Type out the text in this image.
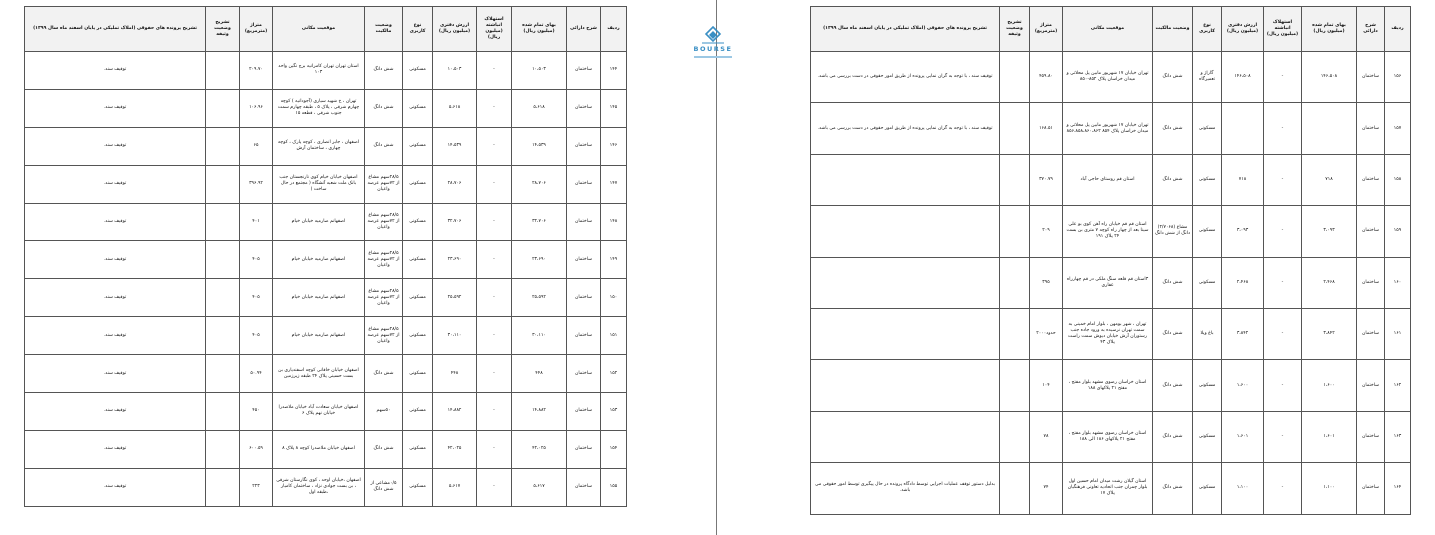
ردیف	شرح دارائی	بهای تمام شده (میلیون ریال)	استهلاک انباشته (میلیون ریال)	ارزش دفتری (میلیون ریال)	نوع کاربری	وضعیت مالکیت	موقعیت مکانی	متراژ (مترمربع)	تشریح وضعیت وثیقه	تشریح پرونده های حقوقی (املاک تملیکی در پایان اسفند ماه سال ۱۳۹۹)
۱۴۴	ساختمان	۱۰،۵۰۳	-	۱۰،۵۰۳	مسکونی	شش دانگ	استان تهران تهران کامرانیه برج نگین واحد ۱۰۳	۲۰۹.۷۰		توقیف سند.
۱۴۵	ساختمان	۵،۶۱۸	-	۵،۶۱۸	مسکونی	شش دانگ	تهران ، خ شهید سیاری (آجودانیه ) کوچه چهارم شرقی ، پلاک ۵ ، طبقه چهارم سمت جنوب شرقی ، قطعه ۱۵	۱۰۶.۹۶		توقیف سند.
۱۴۶	ساختمان	۱۴،۵۳۹	-	۱۴،۵۳۹	مسکونی	شش دانگ	اصفهان ، جابر انصاری ، کوچه پارک ، کوچه چهاری ، ساختمان آرش	۶۵		توقیف سند.
۱۴۷	ساختمان	۲۸،۷۰۶	-	۲۸،۷۰۶	مسکونی	۲۸/۵سهم مشاع از ۷۲سهم عرصه واعیان	اصفهان خیابان خیام کوی نارنجستان جنب بانک ملت شعبه آتشگاه ( مجتمع در حال ساخت )	۳۹۶.۹۲		توقیف سند.
۱۴۸	ساختمان	۳۲،۷۰۶	-	۳۲،۷۰۶	مسکونی	۲۸/۵سهم مشاع از ۷۲سهم عرصه واعیان	اصفهانم صارمیه خیابان خیام	۴۰۱		توقیف سند.
۱۴۹	ساختمان	۲۳،۶۹۰	-	۲۳،۶۹۰	مسکونی	۲۸/۵سهم مشاع از ۷۲سهم عرصه واعیان	اصفهانم صارمیه خیابان خیام	۴۰۵		توقیف سند.
۱۵۰	ساختمان	۲۵،۵۹۲	-	۲۵،۵۹۲	مسکونی	۲۸/۵سهم مشاع از ۷۲سهم عرصه واعیان	اصفهانم صارمیه خیابان خیام	۴۰۵		توقیف سند.
۱۵۱	ساختمان	۳۰،۱۱۰	-	۳۰،۱۱۰	مسکونی	۲۸/۵سهم مشاع از ۷۲سهم عرصه واعیان	اصفهانم صارمیه خیابان خیام	۴۰۵		توقیف سند.
۱۵۲	ساختمان	۴۴۸	-	۴۴۸	مسکونی	شش دانگ	اصفهان خیابان خاقانی کوچه اسفندیاری بن بست حسینی پلاک ۲۴ طبقه زیرزمین	۵۰.۹۴		توقیف سند.
۱۵۳	ساختمان	۱۴،۸۸۲	-	۱۴،۸۸۲	مسکونی	۵۰سهم	اصفهان خیابان سعادت آباد خیابان ملاصدرا خیابان نهم پلاک ۶	۴۵۰		توقیف سند.
۱۵۴	ساختمان	۴۲،۰۲۵	-	۴۲،۰۲۵	مسکونی	شش دانگ	اصفهان خیابان ملاصدرا کوچه ۸ پلاک ۸	۶۰۰.۵۹		توقیف سند.
۱۵۵	ساختمان	۵،۶۱۷	-	۵،۶۱۷	مسکونی	۰/۵مشاعی از شش دانگ	اصفهان ،خیابان اوحد ، کوی نگارستان شرقی ، بن بست جوادی نژاد ، ساختمان کامیار ،طبقه اول	۲۲۳		توقیف سند.
BOURSE
ردیف	شرح دارائی	بهای تمام شده (میلیون ریال)	استهلاک انباشته (میلیون ریال)	ارزش دفتری (میلیون ریال)	نوع کاربری	وضعیت مالکیت	موقعیت مکانی	متراژ (مترمربع)	تشریح وضعیت وثیقه	تشریح پرونده های حقوقی (املاک تملیکی در پایان اسفند ماه سال ۱۳۹۹)
۱۵۶	ساختمان	۱۴۶،۵۰۸	-	۱۴۶،۵۰۸	گاراژ و تعمیرگاه	شش دانگ	تهران خیابان ۱۷ شهریور مابین پل محلاتی و میدان خراسان پلاک ۸۵۲-۸۵۰	۴۵۹.۸۰		توقیف سند ، با توجه به گران نمایی پرونده از طریق امور حقوقی در دست بررسی می باشد.
۱۵۷	ساختمان		-		مسکونی	شش دانگ	تهران خیابان ۱۷ شهریور مابین پل محلاتی و میدان خراسان پلاک ۸۵۴ ۸۵۶،۸۵۸،۸۶۰،۸۶۲	۱۶۸.۵۱		توقیف سند ، با توجه به گران نمایی پرونده از طریق امور حقوقی در دست بررسی می باشد.
۱۵۸	ساختمان	۷۱۸	-	۷۱۸	مسکونی	شش دانگ	استان قم روستای حاجی آباد	۳۷۰.۷۹		
۱۵۹	ساختمان	۳،۰۹۳	-	۳،۰۹۳	مسکونی	مشاع (۲/۷۰۶۸) دانگ از شش دانگ	استان قم قم خیابان راه آهن کوی بو علی سینا بعد از چهار راه کوچه ۷ متری بن بست ۲۴ پلاک ۱۹۱	۲۰۹		
۱۶۰	ساختمان	۲،۴۶۸	-	۲،۴۶۸	مسکونی	شش دانگ	۳استان قم قلعه سنگ ملکی در قم چهارراه غفاری	۳۹۵		
۱۶۱	ساختمان	۳،۸۴۲	-	۳،۸۴۲	باغ ویلا	شش دانگ	تهران ، شهر بومهن ، بلوار امام خمینی به سمت تهران نرسیده به ورود جاده جنب رستوران آرش خیابان دیوش سمت راست پلاک ۴۳	حدود۲۰۰۰		
۱۶۲	ساختمان	۱،۶۰۰	-	۱،۶۰۰	مسکونی	شش دانگ	استان خراسان رضوی مشهد بلوار مفتح ، مفتح ۲۱ پلاکهای ۱۸۸	۱۰۴		
۱۶۳	ساختمان	۱،۶۰۱	-	۱،۶۰۱	مسکونی	شش دانگ	استان خراسان رضوی مشهد بلوار مفتح ، مفتح ۲۱ پلاکهای ۱۸۶ الی ۱۸۸	۷۸		
۱۶۴	ساختمان	۱،۱۰۰	-	۱،۱۰۰	مسکونی	شش دانگ	استان گیلان رشت میدان امام حسین اول بلوار چمران جنب اتحادیه تعاونی فرهنگیان پلاک ۱۷	۷۴		بدلیل دستور توقف عملیات اجرایی توسط دادگاه پرونده در حال پیگیری توسط امور حقوقی می باشد.
